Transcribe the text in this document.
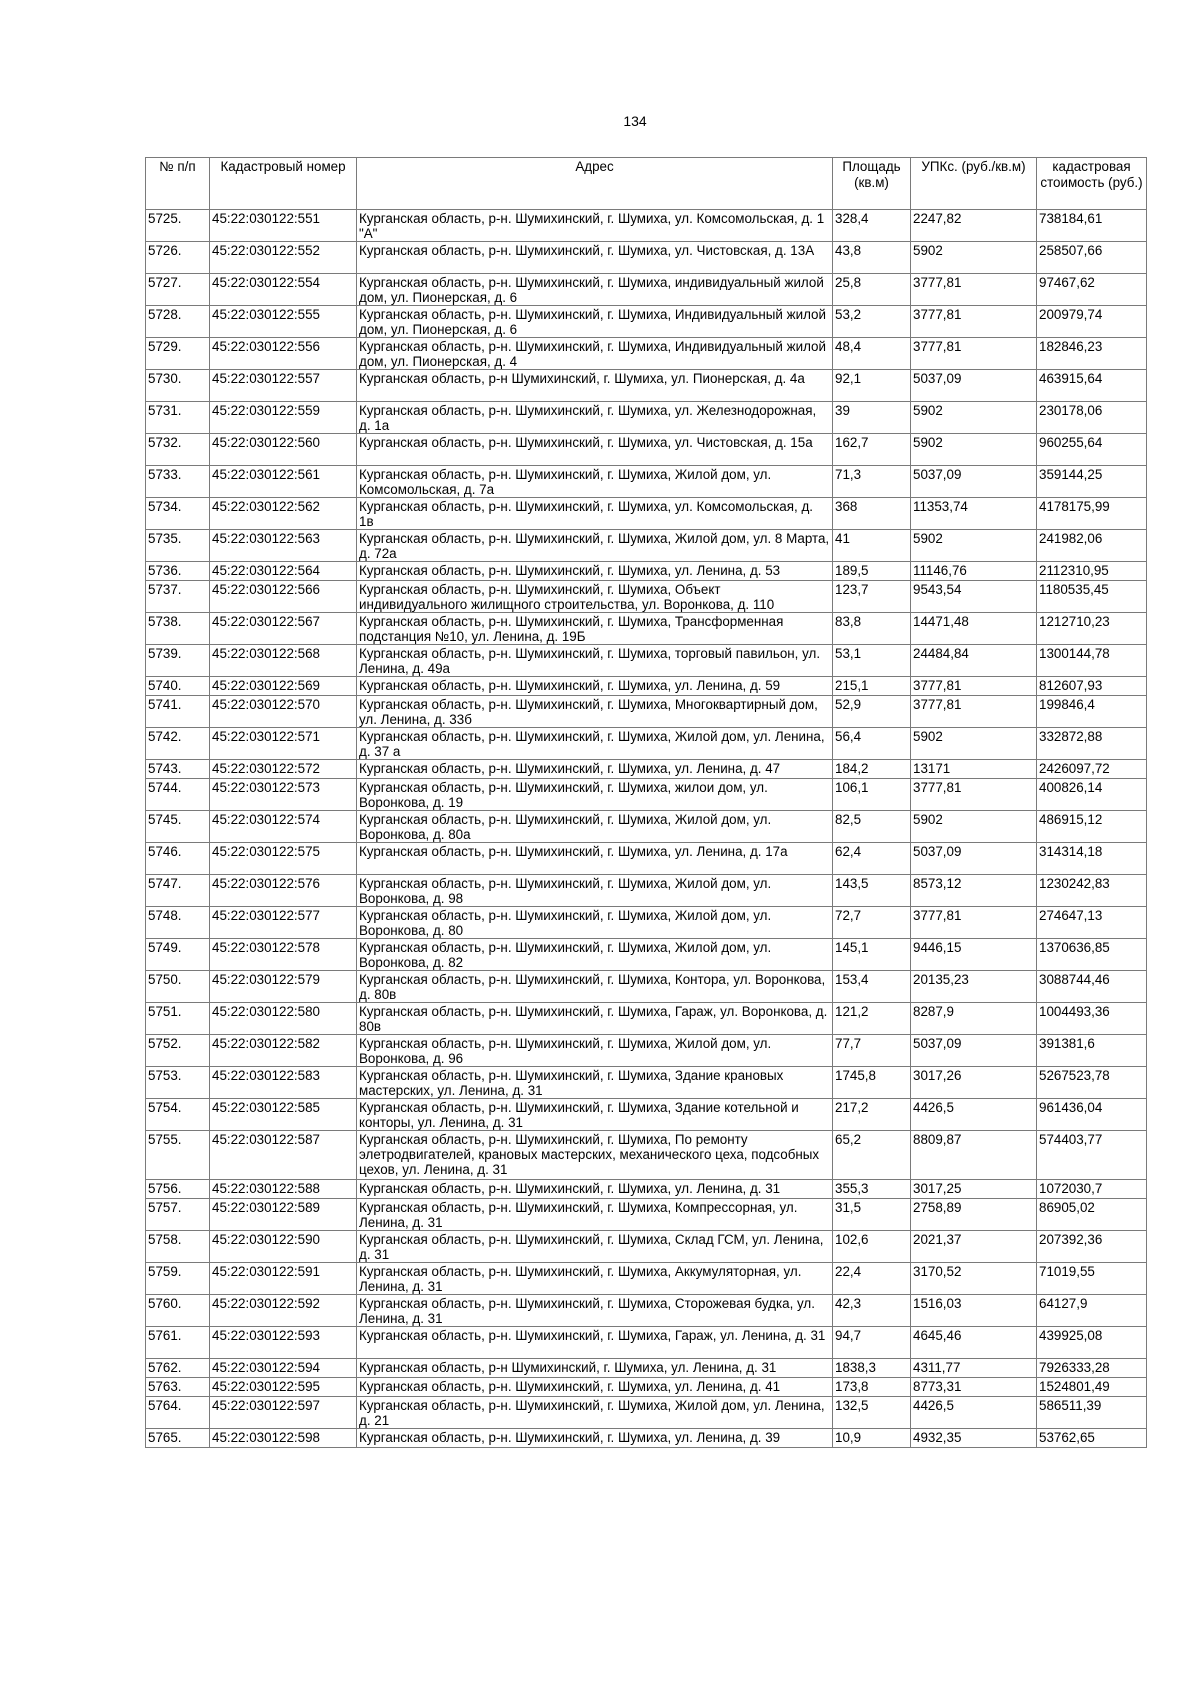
134
№ п/п	Кадастровый номер	Адрес	Площадь (кв.м)	УПКс. (руб./кв.м)	кадастровая стоимость (руб.)
5725.	45:22:030122:551	Курганская область, р-н. Шумихинский, г. Шумиха, ул. Комсомольская, д. 1 "А"	328,4	2247,82	738184,61
5726.	45:22:030122:552	Курганская область, р-н. Шумихинский, г. Шумиха, ул. Чистовская, д. 13А	43,8	5902	258507,66
5727.	45:22:030122:554	Курганская область, р-н. Шумихинский, г. Шумиха, индивидуальный жилой дом, ул. Пионерская, д. 6	25,8	3777,81	97467,62
5728.	45:22:030122:555	Курганская область, р-н. Шумихинский, г. Шумиха, Индивидуальный жилой дом, ул. Пионерская, д. 6	53,2	3777,81	200979,74
5729.	45:22:030122:556	Курганская область, р-н. Шумихинский, г. Шумиха, Индивидуальный жилой дом, ул. Пионерская, д. 4	48,4	3777,81	182846,23
5730.	45:22:030122:557	Курганская область, р-н Шумихинский, г. Шумиха, ул. Пионерская, д. 4а	92,1	5037,09	463915,64
5731.	45:22:030122:559	Курганская область, р-н. Шумихинский, г. Шумиха, ул. Железнодорожная, д. 1а	39	5902	230178,06
5732.	45:22:030122:560	Курганская область, р-н. Шумихинский, г. Шумиха, ул. Чистовская, д. 15а	162,7	5902	960255,64
5733.	45:22:030122:561	Курганская область, р-н. Шумихинский, г. Шумиха, Жилой дом, ул. Комсомольская, д. 7а	71,3	5037,09	359144,25
5734.	45:22:030122:562	Курганская область, р-н. Шумихинский, г. Шумиха, ул. Комсомольская, д. 1в	368	11353,74	4178175,99
5735.	45:22:030122:563	Курганская область, р-н. Шумихинский, г. Шумиха, Жилой дом, ул. 8 Марта, д. 72а	41	5902	241982,06
5736.	45:22:030122:564	Курганская область, р-н. Шумихинский, г. Шумиха, ул. Ленина, д. 53	189,5	11146,76	2112310,95
5737.	45:22:030122:566	Курганская область, р-н. Шумихинский, г. Шумиха, Объект индивидуального жилищного строительства, ул. Воронкова, д. 110	123,7	9543,54	1180535,45
5738.	45:22:030122:567	Курганская область, р-н. Шумихинский, г. Шумиха, Трансформенная подстанция №10, ул. Ленина, д. 19Б	83,8	14471,48	1212710,23
5739.	45:22:030122:568	Курганская область, р-н. Шумихинский, г. Шумиха, торговый павильон, ул. Ленина, д. 49а	53,1	24484,84	1300144,78
5740.	45:22:030122:569	Курганская область, р-н. Шумихинский, г. Шумиха, ул. Ленина, д. 59	215,1	3777,81	812607,93
5741.	45:22:030122:570	Курганская область, р-н. Шумихинский, г. Шумиха, Многоквартирный дом, ул. Ленина, д. 33б	52,9	3777,81	199846,4
5742.	45:22:030122:571	Курганская область, р-н. Шумихинский, г. Шумиха, Жилой дом, ул. Ленина, д. 37 а	56,4	5902	332872,88
5743.	45:22:030122:572	Курганская область, р-н. Шумихинский, г. Шумиха, ул. Ленина, д. 47	184,2	13171	2426097,72
5744.	45:22:030122:573	Курганская область, р-н. Шумихинский, г. Шумиха, жилои дом, ул. Воронкова, д. 19	106,1	3777,81	400826,14
5745.	45:22:030122:574	Курганская область, р-н. Шумихинский, г. Шумиха, Жилой дом, ул. Воронкова, д. 80а	82,5	5902	486915,12
5746.	45:22:030122:575	Курганская область, р-н. Шумихинский, г. Шумиха, ул. Ленина, д. 17а	62,4	5037,09	314314,18
5747.	45:22:030122:576	Курганская область, р-н. Шумихинский, г. Шумиха, Жилой дом, ул. Воронкова, д. 98	143,5	8573,12	1230242,83
5748.	45:22:030122:577	Курганская область, р-н. Шумихинский, г. Шумиха, Жилой дом, ул. Воронкова, д. 80	72,7	3777,81	274647,13
5749.	45:22:030122:578	Курганская область, р-н. Шумихинский, г. Шумиха, Жилой дом, ул. Воронкова, д. 82	145,1	9446,15	1370636,85
5750.	45:22:030122:579	Курганская область, р-н. Шумихинский, г. Шумиха, Контора, ул. Воронкова, д. 80в	153,4	20135,23	3088744,46
5751.	45:22:030122:580	Курганская область, р-н. Шумихинский, г. Шумиха, Гараж, ул. Воронкова, д. 80в	121,2	8287,9	1004493,36
5752.	45:22:030122:582	Курганская область, р-н. Шумихинский, г. Шумиха, Жилой дом, ул. Воронкова, д. 96	77,7	5037,09	391381,6
5753.	45:22:030122:583	Курганская область, р-н. Шумихинский, г. Шумиха, Здание крановых мастерских, ул. Ленина, д. 31	1745,8	3017,26	5267523,78
5754.	45:22:030122:585	Курганская область, р-н. Шумихинский, г. Шумиха, Здание котельной и конторы, ул. Ленина, д. 31	217,2	4426,5	961436,04
5755.	45:22:030122:587	Курганская область, р-н. Шумихинский, г. Шумиха, По ремонту элетродвигателей, крановых мастерских, механического цеха, подсобных цехов, ул. Ленина, д. 31	65,2	8809,87	574403,77
5756.	45:22:030122:588	Курганская область, р-н. Шумихинский, г. Шумиха, ул. Ленина, д. 31	355,3	3017,25	1072030,7
5757.	45:22:030122:589	Курганская область, р-н. Шумихинский, г. Шумиха, Компрессорная, ул. Ленина, д. 31	31,5	2758,89	86905,02
5758.	45:22:030122:590	Курганская область, р-н. Шумихинский, г. Шумиха, Склад ГСМ, ул. Ленина, д. 31	102,6	2021,37	207392,36
5759.	45:22:030122:591	Курганская область, р-н. Шумихинский, г. Шумиха, Аккумуляторная, ул. Ленина, д. 31	22,4	3170,52	71019,55
5760.	45:22:030122:592	Курганская область, р-н. Шумихинский, г. Шумиха, Сторожевая будка, ул. Ленина, д. 31	42,3	1516,03	64127,9
5761.	45:22:030122:593	Курганская область, р-н. Шумихинский, г. Шумиха, Гараж, ул. Ленина, д. 31	94,7	4645,46	439925,08
5762.	45:22:030122:594	Курганская область, р-н Шумихинский, г. Шумиха, ул. Ленина, д. 31	1838,3	4311,77	7926333,28
5763.	45:22:030122:595	Курганская область, р-н. Шумихинский, г. Шумиха, ул. Ленина, д. 41	173,8	8773,31	1524801,49
5764.	45:22:030122:597	Курганская область, р-н. Шумихинский, г. Шумиха, Жилой дом, ул. Ленина, д. 21	132,5	4426,5	586511,39
5765.	45:22:030122:598	Курганская область, р-н. Шумихинский, г. Шумиха, ул. Ленина, д. 39	10,9	4932,35	53762,65
